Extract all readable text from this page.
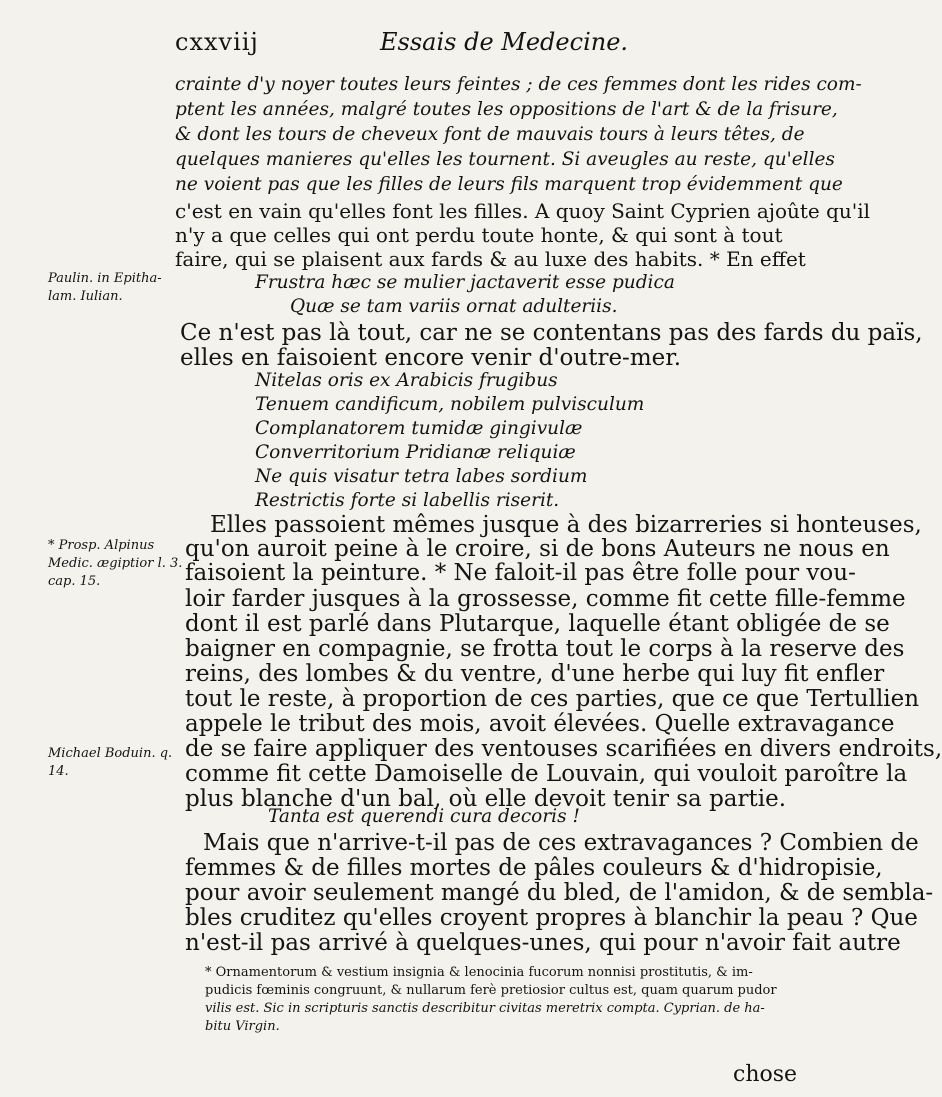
cxxviij	Essais de Medecine.
crainte d'y noyer toutes leurs feintes ; de ces femmes dont les rides com-
ptent les années, malgré toutes les oppositions de l'art & de la frisure,
& dont les tours de cheveux font de mauvais tours à leurs têtes, de
quelques manieres qu'elles les tournent. Si aveugles au reste, qu'elles
ne voient pas que les filles de leurs fils marquent trop évidemment que
c'est en vain qu'elles font les filles. A quoy Saint Cyprien ajoûte qu'il
n'y a que celles qui ont perdu toute honte, & qui sont à tout
faire, qui se plaisent aux fards & au luxe des habits. * En effet
Frustra hæc se mulier jactaverit esse pudica
Quæ se tam variis ornat adulteriis.
Ce n'est pas là tout, car ne se contentans pas des fards du païs,
elles en faisoient encore venir d'outre-mer.
Nitelas oris ex Arabicis frugibus
Tenuem candificum, nobilem pulvisculum
Complanatorem tumidæ gingivulæ
Converritorium Pridianæ reliquiæ
Ne quis visatur tetra labes sordium
Restrictis forte si labellis riserit.
Elles passoient mêmes jusque à des bizarreries si honteuses,
qu'on auroit peine à le croire, si de bons Auteurs ne nous en
faisoient la peinture. * Ne faloit-il pas être folle pour vou-
loir farder jusques à la grossesse, comme fit cette fille-femme
dont il est parlé dans Plutarque, laquelle étant obligée de se
baigner en compagnie, se frotta tout le corps à la reserve des
reins, des lombes & du ventre, d'une herbe qui luy fit enfler
tout le reste, à proportion de ces parties, que ce que Tertullien
appele le tribut des mois, avoit élevées. Quelle extravagance
de se faire appliquer des ventouses scarifiées en divers endroits,
comme fit cette Damoiselle de Louvain, qui vouloit paroître la
plus blanche d'un bal, où elle devoit tenir sa partie.
Tanta est querendi cura decoris !
Mais que n'arrive-t-il pas de ces extravagances ? Combien de
femmes & de filles mortes de pâles couleurs & d'hidropisie,
pour avoir seulement mangé du bled, de l'amidon, & de sembla-
bles cruditez qu'elles croyent propres à blanchir la peau ? Que
n'est-il pas arrivé à quelques-unes, qui pour n'avoir fait autre
Paulin. in Epitha-
lam. Iulian.
* Prosp. Alpinus
Medic. ægiptior l. 3.
cap. 15.
Michael Boduin. q.
14.
* Ornamentorum & vestium insignia & lenocinia fucorum nonnisi prostitutis, & im-
pudicis fœminis congruunt, & nullarum ferè pretiosior cultus est, quam quarum pudor
vilis est. Sic in scripturis sanctis describitur civitas meretrix compta. Cyprian. de ha-
bitu Virgin.
chose
